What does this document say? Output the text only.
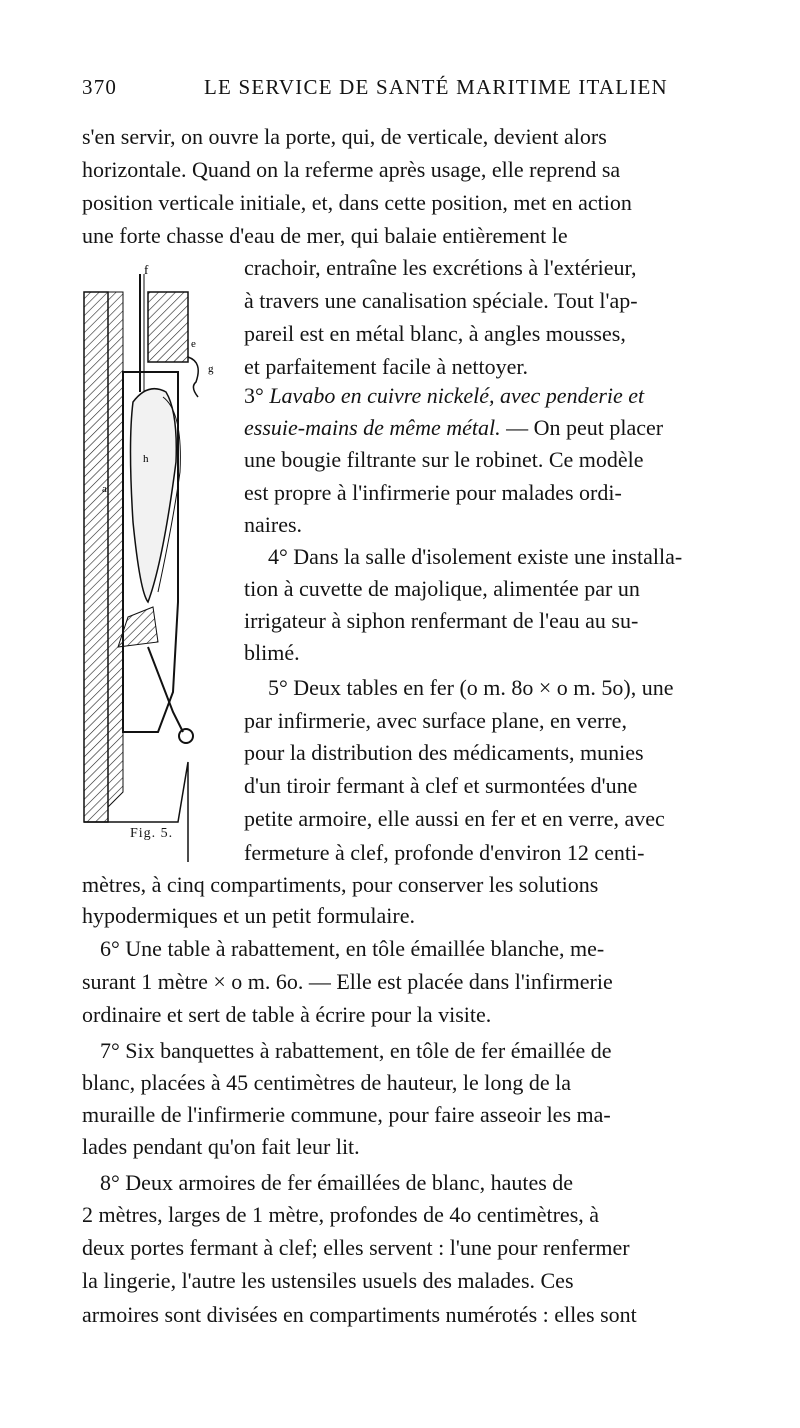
370	LE SERVICE DE SANTÉ MARITIME ITALIEN
s'en servir, on ouvre la porte, qui, de verticale, devient alors
horizontale. Quand on la referme après usage, elle reprend sa
position verticale initiale, et, dans cette position, met en action
une forte chasse d'eau de mer, qui balaie entièrement le
crachoir, entraîne les excrétions à l'extérieur,
à travers une canalisation spéciale. Tout l'ap-
pareil est en métal blanc, à angles mousses,
et parfaitement facile à nettoyer.
3° Lavabo en cuivre nickelé, avec penderie et
essuie-mains de même métal. — On peut placer
une bougie filtrante sur le robinet. Ce modèle
est propre à l'infirmerie pour malades ordi-
naires.
4° Dans la salle d'isolement existe une installa-
tion à cuvette de majolique, alimentée par un
irrigateur à siphon renfermant de l'eau au su-
blimé.
5° Deux tables en fer (o m. 8o × o m. 5o), une
par infirmerie, avec surface plane, en verre,
pour la distribution des médicaments, munies
d'un tiroir fermant à clef et surmontées d'une
petite armoire, elle aussi en fer et en verre, avec
fermeture à clef, profonde d'environ 12 centi-
mètres, à cinq compartiments, pour conserver les solutions
hypodermiques et un petit formulaire.
6° Une table à rabattement, en tôle émaillée blanche, me-
surant 1 mètre × o m. 6o. — Elle est placée dans l'infirmerie
ordinaire et sert de table à écrire pour la visite.
7° Six banquettes à rabattement, en tôle de fer émaillée de
blanc, placées à 45 centimètres de hauteur, le long de la
muraille de l'infirmerie commune, pour faire asseoir les ma-
lades pendant qu'on fait leur lit.
8° Deux armoires de fer émaillées de blanc, hautes de
2 mètres, larges de 1 mètre, profondes de 4o centimètres, à
deux portes fermant à clef; elles servent : l'une pour renfermer
la lingerie, l'autre les ustensiles usuels des malades. Ces
armoires sont divisées en compartiments numérotés : elles sont
f
e
g
h
a
Fig. 5.
